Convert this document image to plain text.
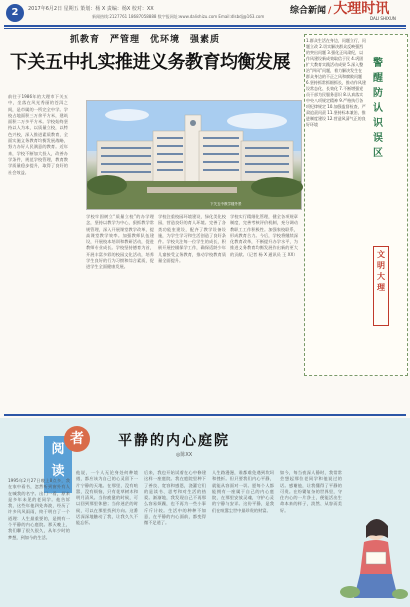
2	2017年6月2日 星期五 策划：杨 X 责编：杨X 校对：XX
新闻热线:2127761 18687058888 数字报网址:www.dalishizu.com Email:dlsbdj@163.com
综合新闻 / 大理时讯
DALI SHIXUN
抓教育　严管理　优环境　强素质
下关五中扎实推进义务教育均衡发展
前往于1986年的大理市下关五中，坐落在风光秀丽的苍洱之间，是市属的一所完全中学。学校占地面积三万余平方米，建筑面积二万多平方米。学校始终坚持以人为本，以质量立校，以特色兴校，深入推进素质教育，全面实施义务教育均衡发展战略，努力办好人民满意的教育。近年来，学校不断加大投入，改善办学条件，规范学校管理，教育教学质量稳步提升，取得了良好的社会效益。
学校牢固树立“质量立校”的办学理念，坚持以教学为中心，狠抓教学常规管理，深入开展课堂教学改革，提高课堂教学效率。加强教师队伍建设，开展校本培训和教研活动，促进教师专业成长。学校坚持德育为首，开展丰富多彩的校园文化活动，培养学生良好的行为习惯和综合素质，促进学生全面健康发展。
学校注重校园环境建设，绿化美化校园，营造良好的育人环境。完善了各类功能室建设，配齐了教学设备设施，为学生学习和生活创造了良好条件。学校关注每一位学生的成长，积极开展控辍保学工作，确保适龄少年儿童接受义务教育，推动学校教育质量全面提升。
学校实行精细化管理，健全各项规章制度，完善考核评价机制，充分调动教职工工作积极性。加强家校联系，形成教育合力。今后，学校将继续深化教育改革，不断提升办学水平，为推进义务教育均衡发展作出新的更大的贡献。（记者 杨 X 通讯员 王 XX）
下关五中教学楼外景
1.群众生活在身边，问题立行，问题立改 2.切实解决群众反映强烈的突出问题 3.强化正风肃纪，以作风建设新成效取信于民 4.巩固扩大教育实践活动成果 5.深入整治“四风”问题，着力解决发生在群众身边的不正之风和腐败问题 6.坚持抓常抓细抓长，推动作风建设常态化、长效化 7.不断增强党员干部为民服务意识 8.认真落实中央八项规定精神 9.严格执行各项纪律规定 10.加强监督检查，严肃追责问责 11.坚持标本兼治，推进制度建设 12.营造风清气正的良好环境
警醒防认识误区
文明大理
阅
读
者	平静的内心庭院
◎陈XX
1995年2月27日晚上8点多，我在家中看书，忽然听到窗外有人在喊我的名字。出门一看，原来是多年未见的老同学。他告诉我，这些年他四处奔波，经历了许多风风雨雨，终于明白了一个道理：人生最重要的，是拥有一个平静的内心庭院。那天晚上，我们聊了很久很久，从年少时的梦想，到如今的生活。
他说，一个人无论身处何种境遇，都应该为自己的心灵留下一片宁静的天地。在那里，没有喧嚣，没有烦恼，只有花草树木和明月清风。当你疲惫的时候，可以回到那里休憩；当你迷茫的时候，可以在那里找到方向。这番话深深地触动了我，让我久久不能忘怀。
后来，我也开始试着在心中修建这样一座庭院。我在庭院里种下了善良、宽容和感恩，浇灌它们的是读书、思考和对生活的热爱。渐渐地，我发现自己不再那么容易烦躁，也不再为一些小事斤斤计较。生活中的种种不如意，在平静的内心面前，都变得微不足道了。
人生路漫漫，谁都难免遇到坎坷和挫折。但只要我们内心平静，就能从容面对一切。愿每个人都能拥有一座属于自己的内心庭院，在那里安放灵魂，守护心灵的宁静与安详。这份平静，是我们在喧嚣尘世中最珍贵的财富。
如今，每当夜深人静时，我常常会想起那位老同学和他说过的话。感谢他，让我懂得了平静的可贵。在纷繁复杂的世界里，守住内心的一片净土，便能活出生命本来的样子，淡然、从容而美好。
